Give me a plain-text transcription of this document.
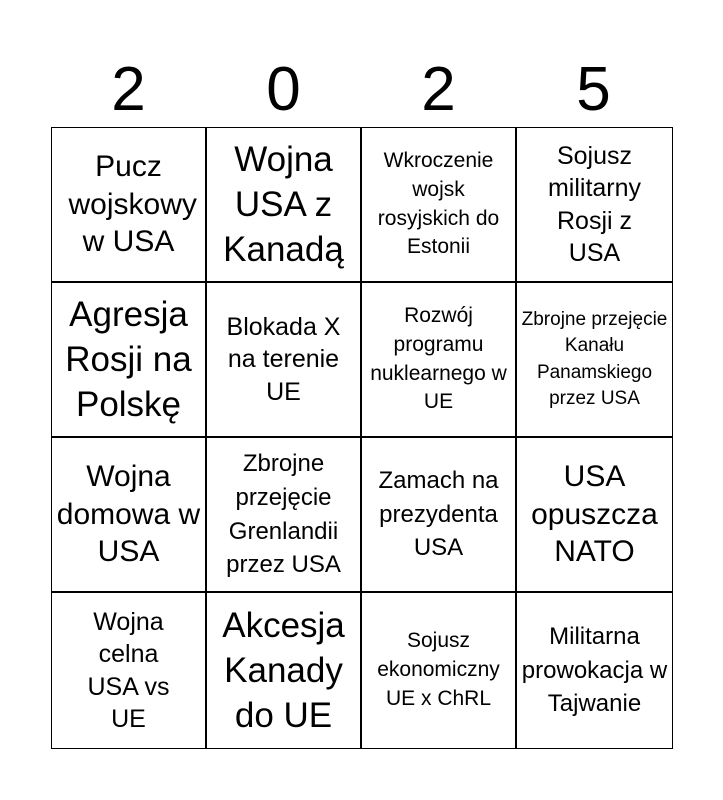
2	0	2	5
Pucz wojskowy w USA
Wojna USA z Kanadą
Wkroczenie wojsk rosyjskich do Estonii
Sojusz militarny Rosji z USA
Agresja Rosji na Polskę
Blokada X na terenie UE
Rozwój programu nuklearnego w UE
Zbrojne przejęcie Kanału Panamskiego przez USA
Wojna domowa w USA
Zbrojne przejęcie Grenlandii przez USA
Zamach na prezydenta USA
USA opuszcza NATO
Wojna celna USA vs UE
Akcesja Kanady do UE
Sojusz ekonomiczny UE x ChRL
Militarna prowokacja w Tajwanie
